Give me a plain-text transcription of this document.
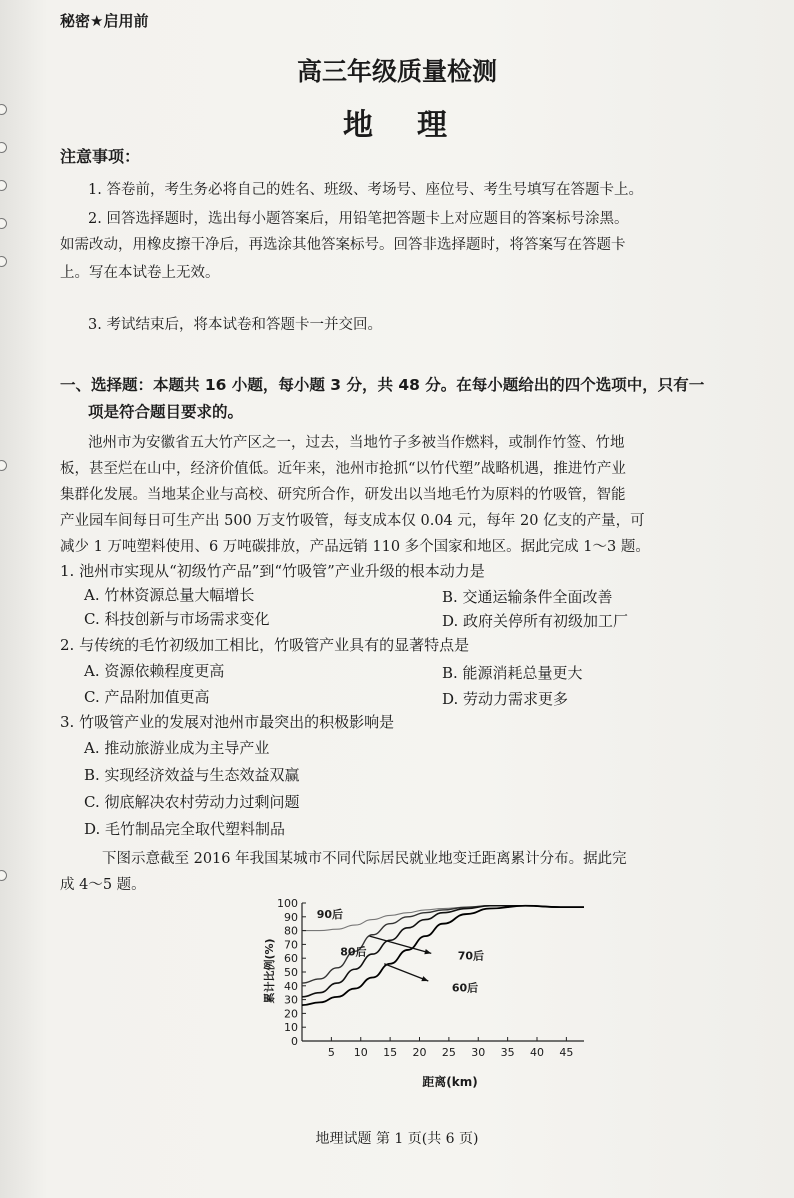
秘密★启用前
高三年级质量检测
地 理
注意事项：
1. 答卷前，考生务必将自己的姓名、班级、考场号、座位号、考生号填写在答题卡上。
2. 回答选择题时，选出每小题答案后，用铅笔把答题卡上对应题目的答案标号涂黑。
如需改动，用橡皮擦干净后，再选涂其他答案标号。回答非选择题时，将答案写在答题卡
上。写在本试卷上无效。
3. 考试结束后，将本试卷和答题卡一并交回。
一、选择题：本题共 16 小题，每小题 3 分，共 48 分。在每小题给出的四个选项中，只有一
项是符合题目要求的。
池州市为安徽省五大竹产区之一，过去，当地竹子多被当作燃料，或制作竹签、竹地
板，甚至烂在山中，经济价值低。近年来，池州市抢抓“以竹代塑”战略机遇，推进竹产业
集群化发展。当地某企业与高校、研究所合作，研发出以当地毛竹为原料的竹吸管，智能
产业园车间每日可生产出 500 万支竹吸管，每支成本仅 0.04 元，每年 20 亿支的产量，可
减少 1 万吨塑料使用、6 万吨碳排放，产品远销 110 多个国家和地区。据此完成 1～3 题。
1. 池州市实现从“初级竹产品”到“竹吸管”产业升级的根本动力是
A. 竹林资源总量大幅增长	B. 交通运输条件全面改善
C. 科技创新与市场需求变化	D. 政府关停所有初级加工厂
2. 与传统的毛竹初级加工相比，竹吸管产业具有的显著特点是
A. 资源依赖程度更高	B. 能源消耗总量更大
C. 产品附加值更高	D. 劳动力需求更多
3. 竹吸管产业的发展对池州市最突出的积极影响是
A. 推动旅游业成为主导产业
B. 实现经济效益与生态效益双赢
C. 彻底解决农村劳动力过剩问题
D. 毛竹制品完全取代塑料制品
下图示意截至 2016 年我国某城市不同代际居民就业地变迁距离累计分布。据此完
成 4～5 题。
0
10
20
30
40
50
60
70
80
90
100
5 10 15 20 25 30 35 40 45
90后
80后	70后
60后
累计比例(%)
距离(km)
地理试题 第 1 页(共 6 页)
